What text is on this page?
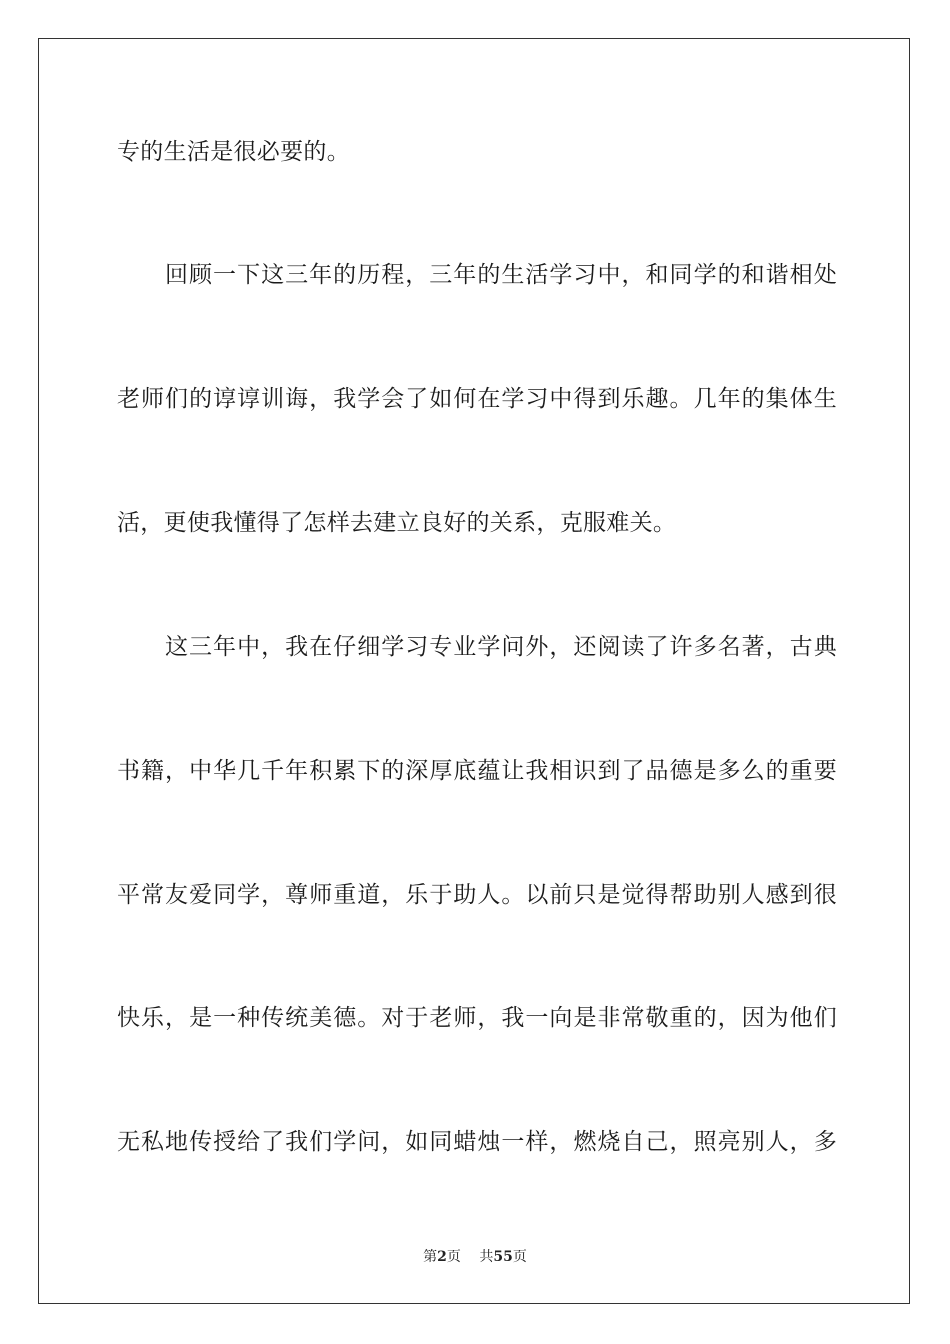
专的生活是很必要的。
回顾一下这三年的历程，三年的生活学习中，和同学的和谐相处
老师们的谆谆训诲，我学会了如何在学习中得到乐趣。几年的集体生
活，更使我懂得了怎样去建立良好的关系，克服难关。
这三年中，我在仔细学习专业学问外，还阅读了许多名著，古典
书籍，中华几千年积累下的深厚底蕴让我相识到了品德是多么的重要
平常友爱同学，尊师重道，乐于助人。以前只是觉得帮助别人感到很
快乐，是一种传统美德。对于老师，我一向是非常敬重的，因为他们
无私地传授给了我们学问，如同蜡烛一样，燃烧自己，照亮别人，多
第2页 共55页
